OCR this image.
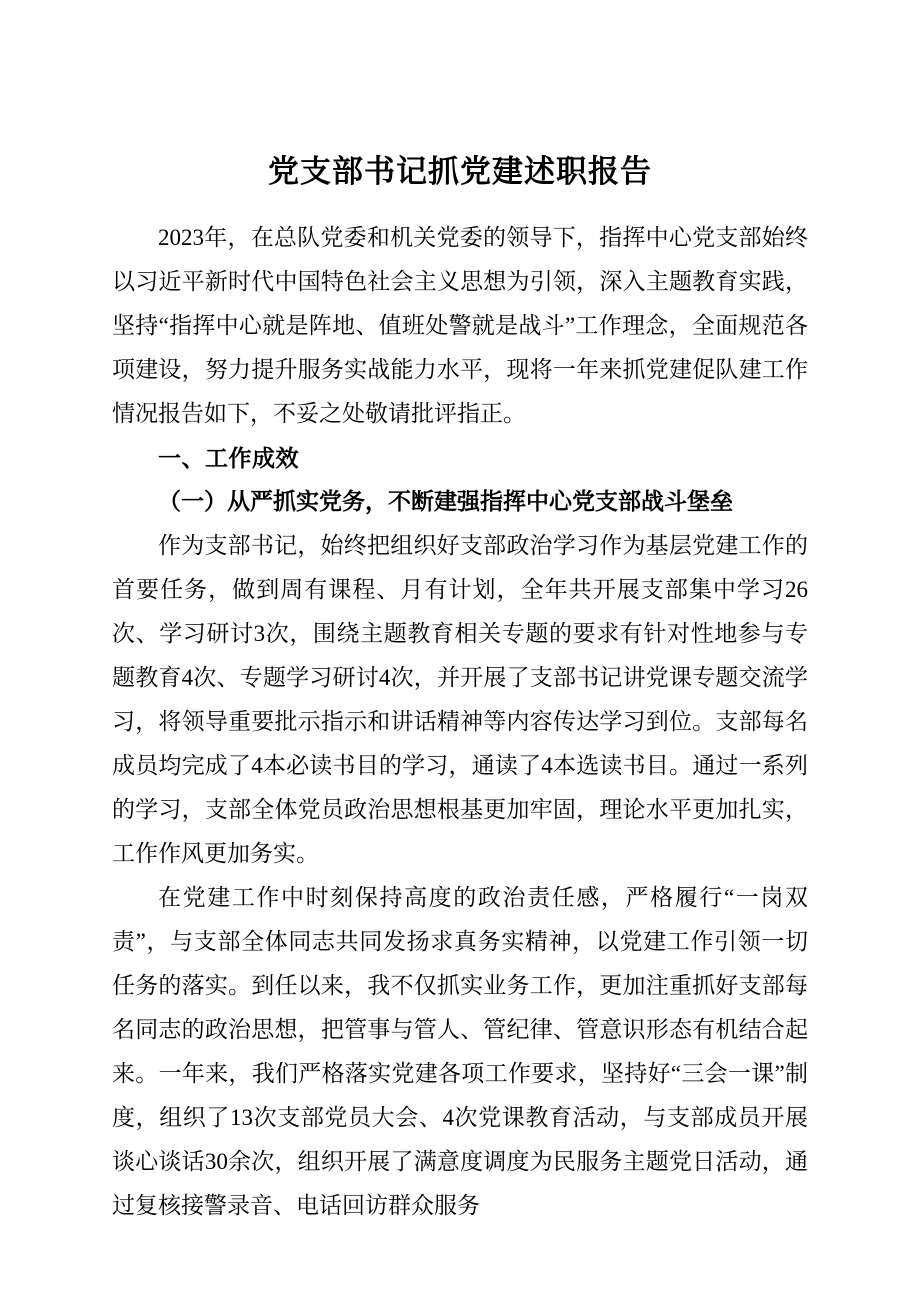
党支部书记抓党建述职报告

2023年，在总队党委和机关党委的领导下，指挥中心党支部始终以习近平新时代中国特色社会主义思想为引领，深入主题教育实践，坚持“指挥中心就是阵地、值班处警就是战斗”工作理念，全面规范各项建设，努力提升服务实战能力水平，现将一年来抓党建促队建工作情况报告如下，不妥之处敬请批评指正。

一、工作成效
（一）从严抓实党务，不断建强指挥中心党支部战斗堡垒

作为支部书记，始终把组织好支部政治学习作为基层党建工作的首要任务，做到周有课程、月有计划，全年共开展支部集中学习26次、学习研讨3次，围绕主题教育相关专题的要求有针对性地参与专题教育4次、专题学习研讨4次，并开展了支部书记讲党课专题交流学习，将领导重要批示指示和讲话精神等内容传达学习到位。支部每名成员均完成了4本必读书目的学习，通读了4本选读书目。通过一系列的学习，支部全体党员政治思想根基更加牢固，理论水平更加扎实，工作作风更加务实。

在党建工作中时刻保持高度的政治责任感，严格履行“一岗双责”，与支部全体同志共同发扬求真务实精神，以党建工作引领一切任务的落实。到任以来，我不仅抓实业务工作，更加注重抓好支部每名同志的政治思想，把管事与管人、管纪律、管意识形态有机结合起来。一年来，我们严格落实党建各项工作要求，坚持好“三会一课”制度，组织了13次支部党员大会、4次党课教育活动，与支部成员开展谈心谈话30余次，组织开展了满意度调度为民服务主题党日活动，通过复核接警录音、电话回访群众服务
